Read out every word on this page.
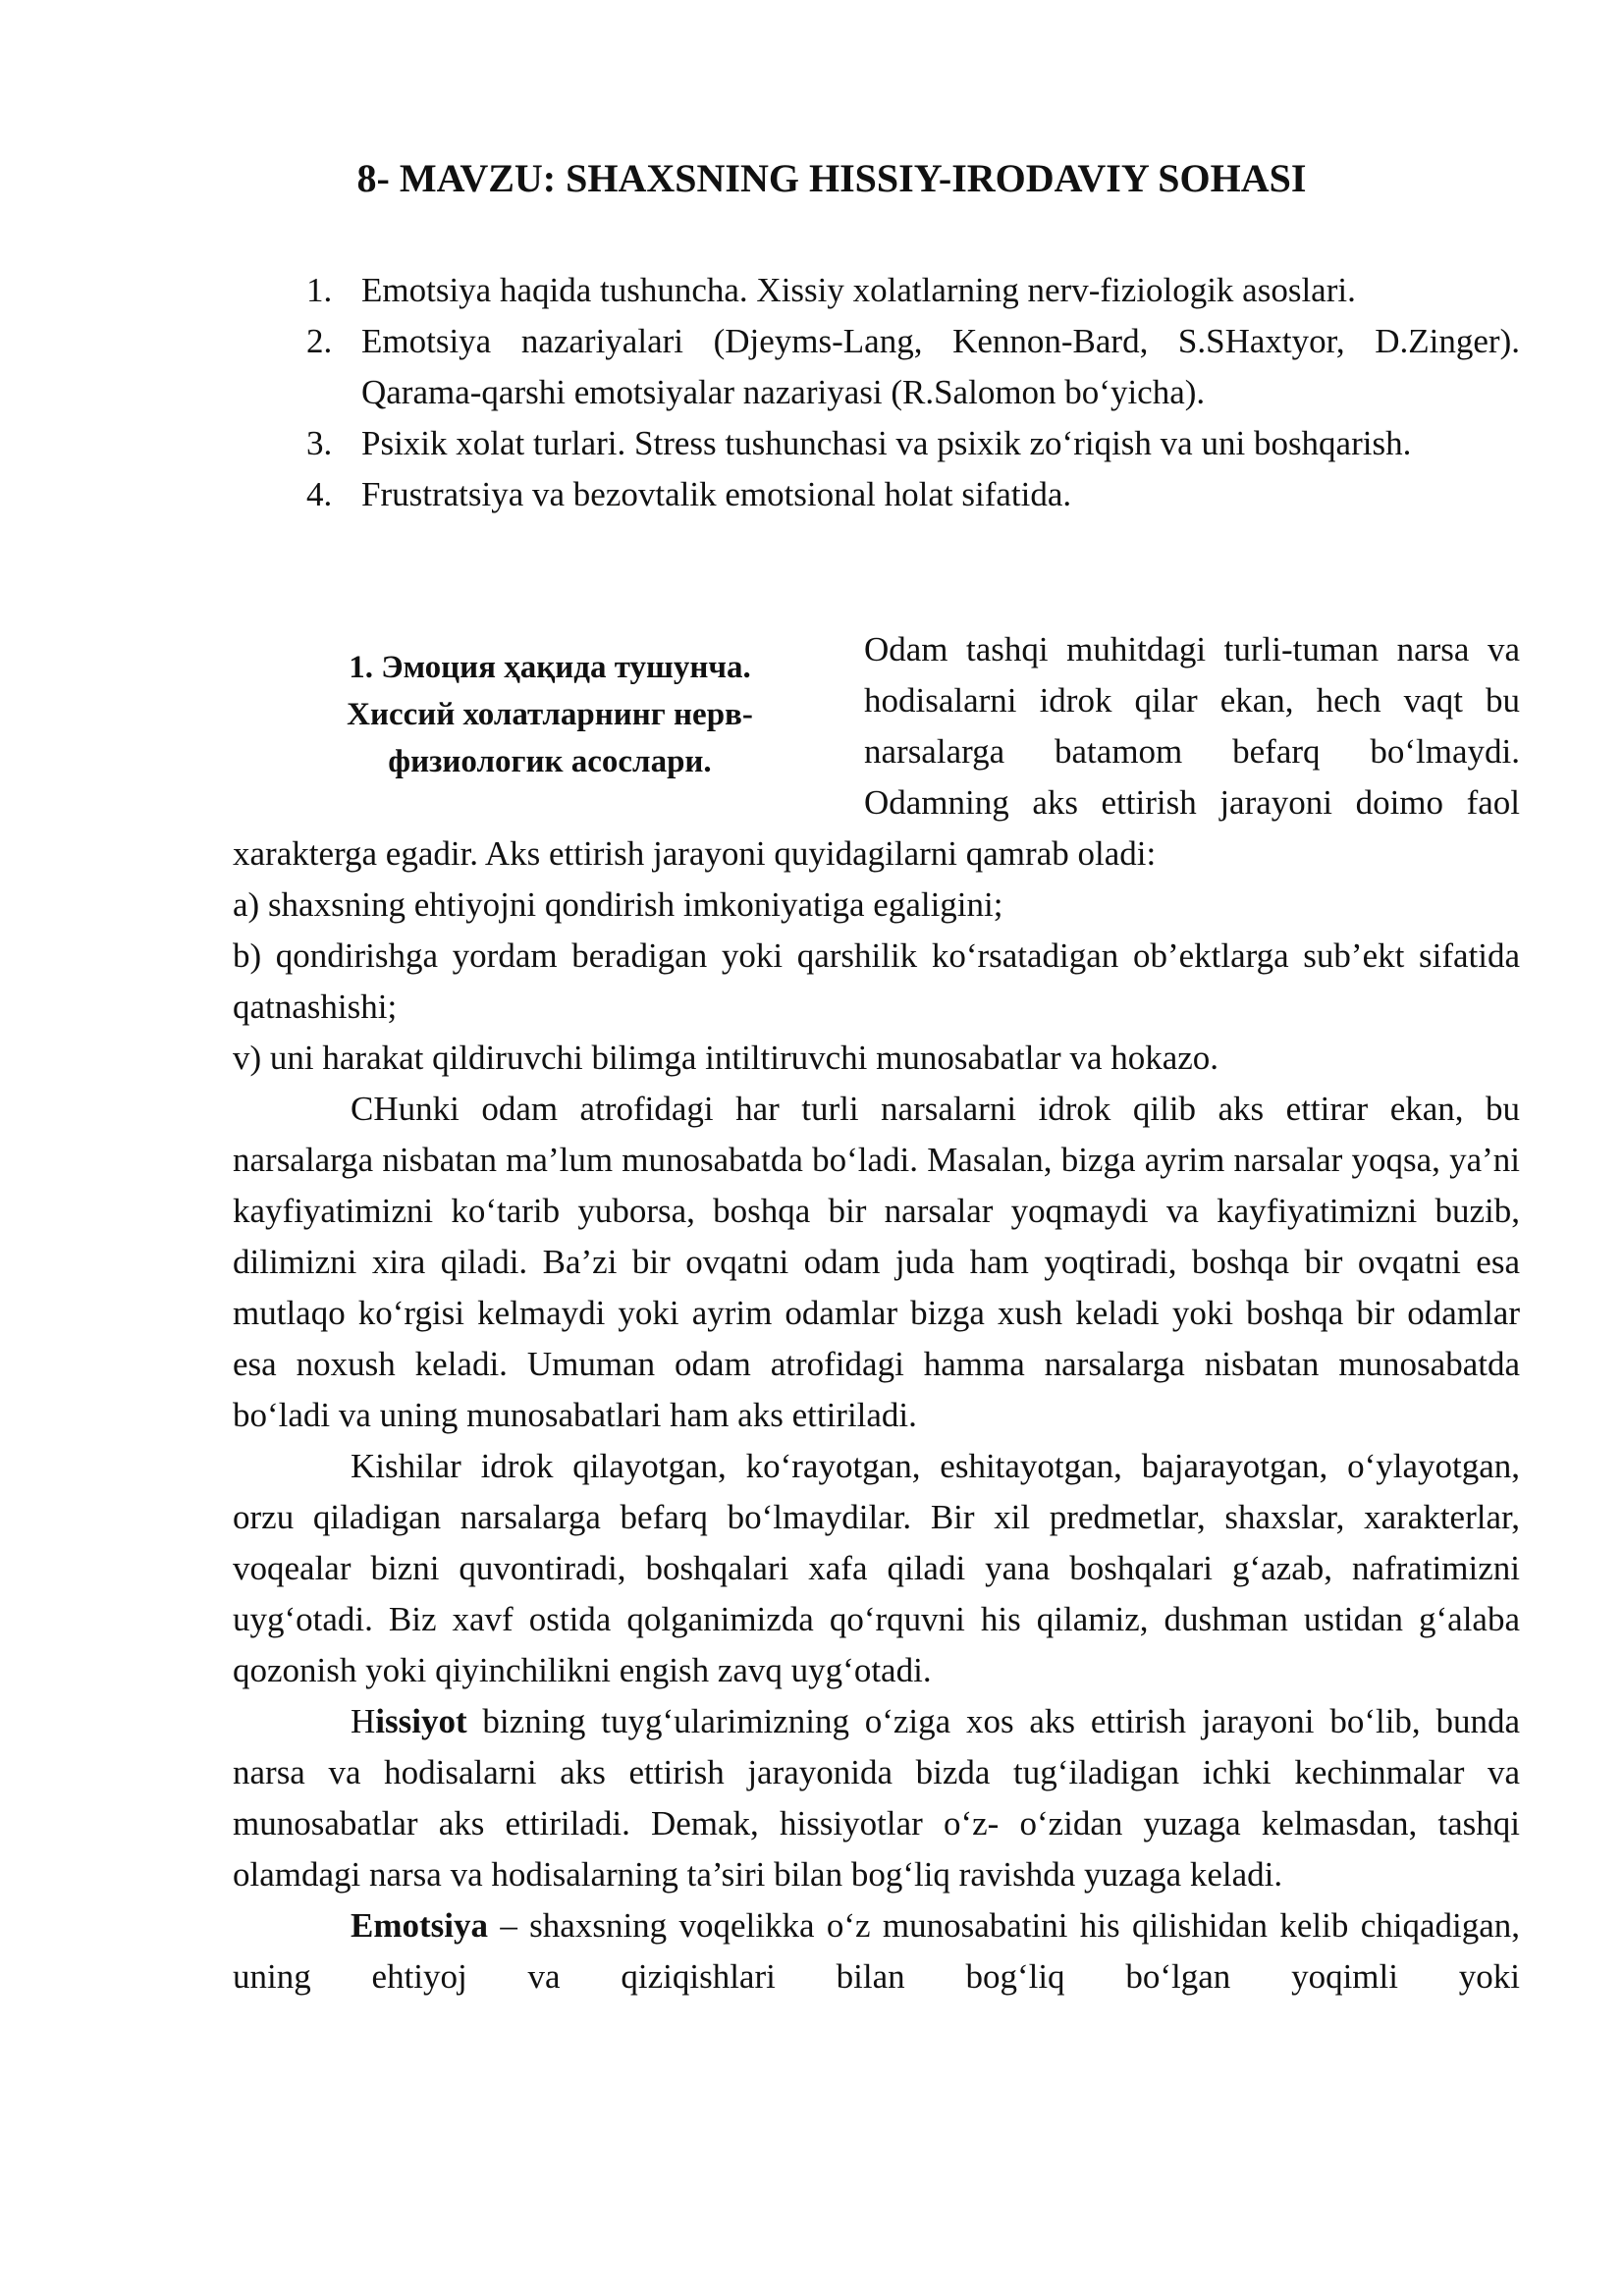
8- MAVZU: SHAXSNING HISSIY-IRODAVIY SOHASI
1. Emotsiya haqida tushuncha. Xissiy xolatlarning nerv-fiziologik asoslari.
2. Emotsiya nazariyalari (Djeyms-Lang, Kennon-Bard, S.SHaxtyor, D.Zinger). Qarama-qarshi emotsiyalar nazariyasi (R.Salomon bo‘yicha).
3. Psixik xolat turlari. Stress tushunchasi va psixik zo‘riqish va uni boshqarish.
4. Frustratsiya va bezovtalik emotsional holat sifatida.
1. Эмоция ҳақида тушунча. Хиссий холатларнинг нерв-физиологик асослари.
Odam tashqi muhitdagi turli-tuman narsa va hodisalarni idrok qilar ekan, hech vaqt bu narsalarga batamom befarq bo‘lmaydi. Odamning aks ettirish jarayoni doimo faol

xarakterga egadir. Aks ettirish jarayoni quyidagilarni qamrab oladi:

a) shaxsning ehtiyojni qondirish imkoniyatiga egaligini;

b) qondirishga yordam beradigan yoki qarshilik ko‘rsatadigan ob’ektlarga sub’ekt sifatida qatnashishi;

v) uni harakat qildiruvchi bilimga intiltiruvchi munosabatlar va hokazo.

CHunki odam atrofidagi har turli narsalarni idrok qilib aks ettirar ekan, bu narsalarga nisbatan ma’lum munosabatda bo‘ladi. Masalan, bizga ayrim narsalar yoqsa, ya’ni kayfiyatimizni ko‘tarib yuborsa, boshqa bir narsalar yoqmaydi va kayfiyatimizni buzib, dilimizni xira qiladi. Ba’zi bir ovqatni odam juda ham yoqtiradi, boshqa bir ovqatni esa mutlaqo ko‘rgisi kelmaydi yoki ayrim odamlar bizga xush keladi yoki boshqa bir odamlar esa noxush keladi. Umuman odam atrofidagi hamma narsalarga nisbatan munosabatda bo‘ladi va uning munosabatlari ham aks ettiriladi.

Kishilar idrok qilayotgan, ko‘rayotgan, eshitayotgan, bajarayotgan, o‘ylayotgan, orzu qiladigan narsalarga befarq bo‘lmaydilar. Bir xil predmetlar, shaxslar, xarakterlar, voqealar bizni quvontiradi, boshqalari xafa qiladi yana boshqalari g‘azab, nafratimizni uyg‘otadi. Biz xavf ostida qolganimizda qo‘rquvni his qilamiz, dushman ustidan g‘alaba qozonish yoki qiyinchilikni engish zavq uyg‘otadi.

Hissiyot bizning tuyg‘ularimizning o‘ziga xos aks ettirish jarayoni bo‘lib, bunda narsa va hodisalarni aks ettirish jarayonida bizda tug‘iladigan ichki kechinmalar va munosabatlar aks ettiriladi. Demak, hissiyotlar o‘z- o‘zidan yuzaga kelmasdan, tashqi olamdagi narsa va hodisalarning ta’siri bilan bog‘liq ravishda yuzaga keladi.

Emotsiya – shaxsning voqelikka o‘z munosabatini his qilishidan kelib chiqadigan, uning ehtiyoj va qiziqishlari bilan bog‘liq bo‘lgan yoqimli yoki
